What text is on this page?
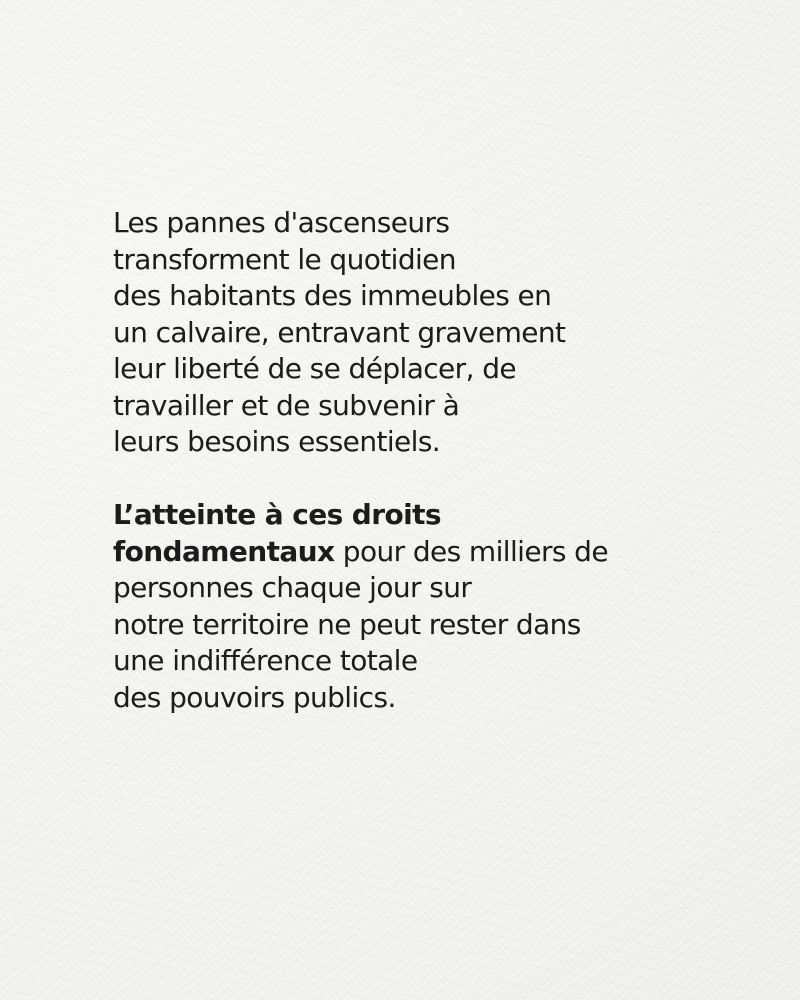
Les pannes d'ascenseurs
transforment le quotidien
des habitants des immeubles en
un calvaire, entravant gravement
leur liberté de se déplacer, de
travailler et de subvenir à
leurs besoins essentiels.

L’atteinte à ces droits
fondamentaux pour des milliers de
personnes chaque jour sur
notre territoire ne peut rester dans
une indifférence totale
des pouvoirs publics.
